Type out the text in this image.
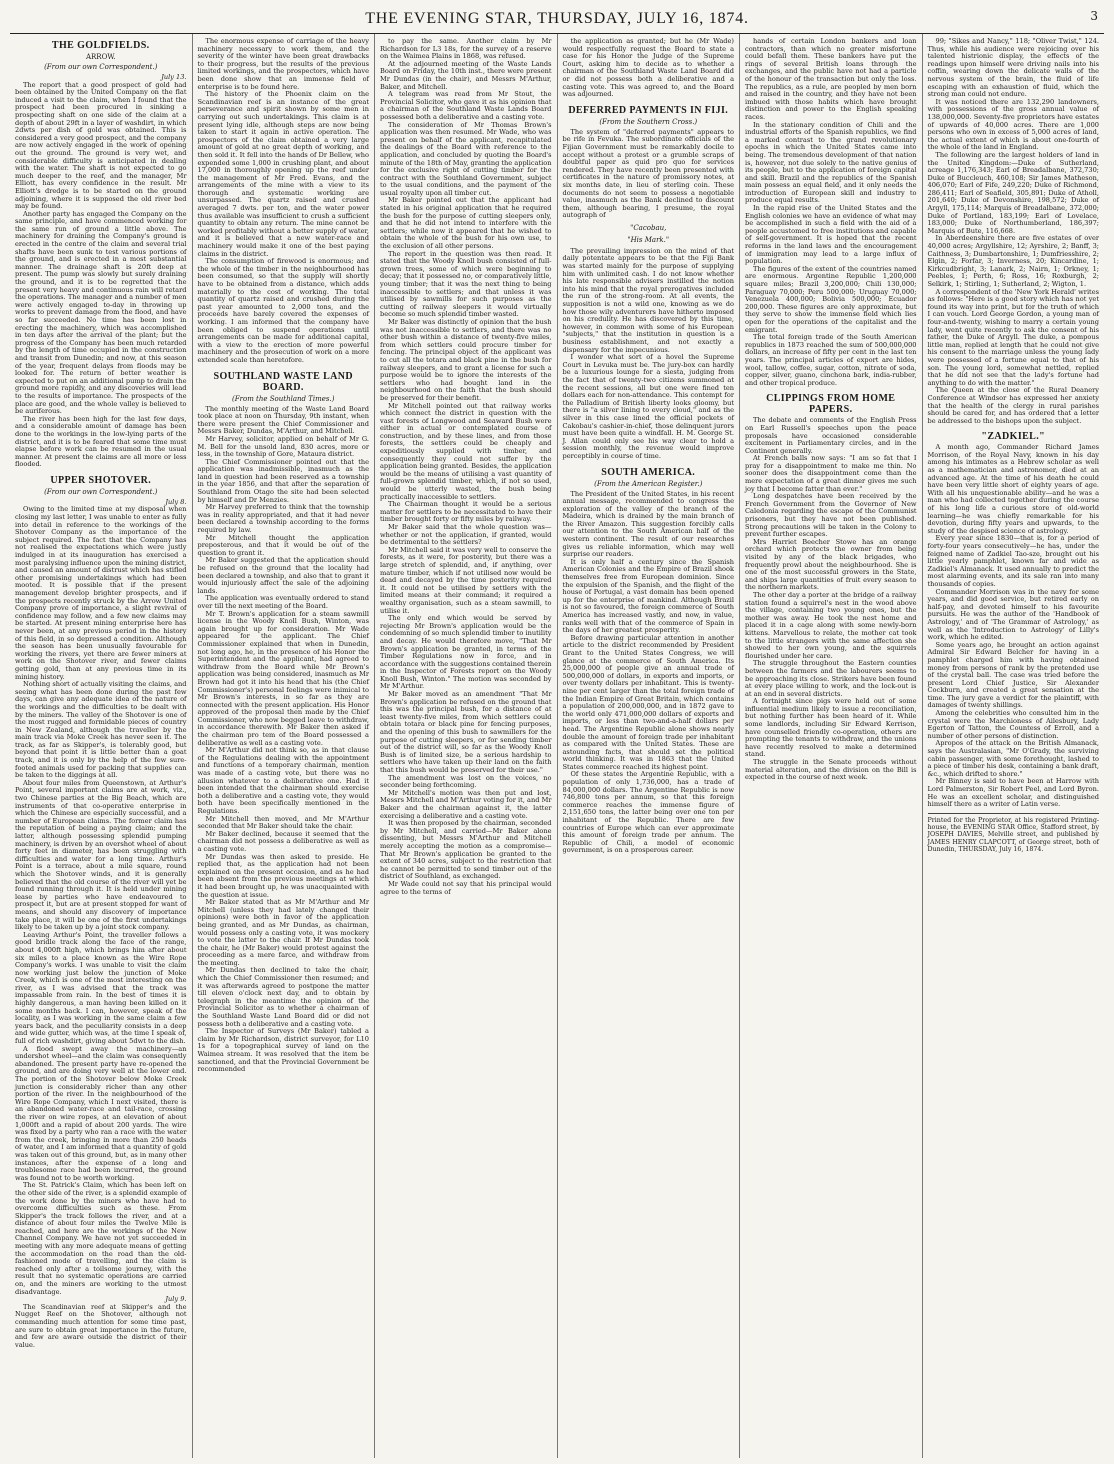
THE EVENING STAR, THURSDAY, JULY 16, 1874.	3
THE GOLDFIELDS.
ARROW.
(From our own Correspondent.)

July 13.

The report that a good prospect of gold had been obtained by the United Company on the flat induced a visit to the claim, when I found that the prospect had been procured in sinking a prospecting shaft on one side of the claim at a depth of about 29ft in a layer of washdirt, in which 2dwts per dish of gold was obtained. This is considered a very good prospect, and the company are now actively engaged in the work of opening out the ground. The ground is very wet, and considerable difficulty is anticipated in dealing with the water. The shaft is not expected to go much deeper to the reef, and the manager, Mr Elliott, has every confidence in the result. Mr Elliott's dredge is to be started on the ground adjoining, where it is supposed the old river bed may be found.

Another party has engaged the Company on the same principle, and have commenced working for the same run of ground a little above. The machinery for draining the Company's ground is erected in the centre of the claim and several trial shafts have been sunk to test various portions of the ground, and is erected in a most substantial manner. The drainage shaft is 20ft deep at present. The pump was slowly but surely draining the ground, and it is to be regretted that the present very heavy and continuous rain will retard the operations. The manager and a number of men were actively engaged to-day in throwing up works to prevent damage from the flood, and have so far succeeded. No time has been lost in erecting the machinery, which was accomplished in ten days after the arrival of the plant; but the progress of the Company has been much retarded by the length of time occupied in the construction and transit from Dunedin; and now, at this season of the year, frequent delays from floods may be looked for. The return of better weather is expected to put on an additional pump to drain the ground more rapidly, and any discoveries will lead to the results of importance. The prospects of the place are good, and the whole valley is believed to be auriferous.

The river has been high for the last few days, and a considerable amount of damage has been done to the workings in the low-lying parts of the district, and it is to be feared that some time must elapse before work can be resumed in the usual manner. At present the claims are all more or less flooded.

UPPER SHOTOVER.
(From our own Correspondent.)

July 8.

Owing to the limited time at my disposal when closing my last letter, I was unable to enter as fully into detail in reference to the workings of the Shotover Company as the importance of the subject required. The fact that the Company has not realised the expectations which were justly indulged in at its inauguration has exercised a most paralysing influence upon the mining district, and caused an amount of distrust which has stifled other promising undertakings which had been mooted. It is possible that if the present management develop brighter prospects, and if the prospects recently struck by the Arrow United Company prove of importance, a slight revival of confidence may follow, and a few new claims may be started. At present mining enterprise here has never been, at any previous period in the history of this field, in so depressed a condition. Although the season has been unusually favourable for working the rivers, yet there are fewer miners at work on the Shotover river, and fewer claims getting gold, than at any previous time in its mining history.

Nothing short of actually visiting the claims, and seeing what has been done during the past few days, can give any adequate idea of the nature of the workings and the difficulties to be dealt with by the miners. The valley of the Shotover is one of the most rugged and formidable pieces of country in New Zealand, although the traveller by the main track via Moke Creek has never seen it. The track, as far as Skipper's, is tolerably good, but beyond that point it is little better than a goat track, and it is only by the help of the few sure-footed animals used for packing that supplies can be taken to the diggings at all.

About four miles from Queenstown, at Arthur's Point, several important claims are at work, viz., two Chinese parties at the Big Beach, which are instruments of that co-operative enterprise in which the Chinese are especially successful, and a number of European claims. The former claim has the reputation of being a paying claim; and the latter, although possessing splendid pumping machinery, is driven by an overshot wheel of about forty feet in diameter, has been struggling with difficulties and water for a long time. Arthur's Point is a terrace, about a mile square, round which the Shotover winds, and it is generally believed that the old course of the river will yet be found running through it. It is held under mining lease by parties who have endeavoured to prospect it, but are at present stopped for want of means, and should any discovery of importance take place, it will be one of the first undertakings likely to be taken up by a joint stock company.

Leaving Arthur's Point, the traveller follows a good bridle track along the face of the range, about 4,000ft high, which brings him after about six miles to a place known as the Wire Rope Company's works. I was unable to visit the claim now working just below the junction of Moke Creek, which is one of the most interesting on the river, as I was advised that the track was impassable from rain. In the best of times it is highly dangerous, a man having been killed on it some months back. I can, however, speak of the locality, as I was working in the same claim a few years back, and the peculiarity consists in a deep and wide gutter, which was, at the time I speak of, full of rich washdirt, giving about 5dwt to the dish.

A flood swept away the machinery—an undershot wheel—and the claim was consequently abandoned. The present party have re-opened the ground, and are doing very well at the lower end. The portion of the Shotover below Moke Creek junction is considerably richer than any other portion of the river. In the neighbourhood of the Wire Rope Company, which I next visited, there is an abandoned water-race and tail-race, crossing the river on wire ropes, at an elevation of about 1,000ft and a rapid of about 200 yards. The wire was fixed by a party who ran a race with the water from the creek, bringing in more than 250 heads of water, and I am informed that a quantity of gold was taken out of this ground, but, as in many other instances, after the expense of a long and troublesome race had been incurred, the ground was found not to be worth working.

The St. Patrick's Claim, which has been left on the other side of the river, is a splendid example of the work done by the miners who have had to overcome difficulties such as these. From Skipper's the track follows the river, and at a distance of about four miles the Twelve Mile is reached, and here are the workings of the New Channel Company. We have not yet succeeded in meeting with any more adequate means of getting the accommodation on the road than the old-fashioned mode of travelling, and the claim is reached only after a toilsome journey, with the result that no systematic operations are carried on, and the miners are working to the utmost disadvantage.

July 9.

The Scandinavian reef at Skipper's and the Nugget Reef on the Shotover, although not commanding much attention for some time past, are sure to obtain great importance in the future, and few are aware outside the district of their value.

The enormous expense of carriage of the heavy machinery necessary to work them, and the severity of the winter have been great drawbacks to their progress, but the results of the previous limited workings, and the prospectors, which have been done show that an immense field of enterprise is to be found here.

The history of the Phoenix claim on the Scandinavian reef is an instance of the great perseverance and spirit shown by some men in carrying out such undertakings. This claim is at present lying idle, although steps are now being taken to start it again in active operation. The prospectors of the claim obtained a very large amount of gold at no great depth of working, and then sold it. It fell into the hands of Dr Bellew, who expended some 1,000 in crushing plant, and about 17,000 in thoroughly opening up the reef under the management of Mr Fred. Evans, and the arrangements of the mine with a view to its thorough and systematic working are unsurpassed. The quartz raised and crushed averaged 7 dwts. per ton, and the water power thus available was insufficient to crush a sufficient quantity to obtain any return. The mine cannot be worked profitably without a better supply of water, and it is believed that a new water-race and machinery would make it one of the best paying claims in the district.

The consumption of firewood is enormous; and the whole of the timber in the neighbourhood has been consumed, so that the supply will shortly have to be obtained from a distance, which adds materially to the cost of working. The total quantity of quartz raised and crushed during the past year amounted to 2,000 tons, and the proceeds have barely covered the expenses of working. I am informed that the company have been obliged to suspend operations until arrangements can be made for additional capital, with a view to the erection of more powerful machinery and the prosecution of work on a more extended scale than heretofore.

SOUTHLAND WASTE LAND BOARD.
(From the Southland Times.)

The monthly meeting of the Waste Land Board took place at noon on Thursday, 9th instant, when there were present the Chief Commissioner and Messrs Baker, Dundas, M'Arthur, and Mitchell.

Mr Harvey, solicitor, applied on behalf of Mr G. M. Bell for the unsold land, 830 acres, more or less, in the township of Gore, Mataura district.

The Chief Commissioner pointed out that the application was inadmissible, inasmuch as the land in question had been reserved as a township in the year 1856, and that after the separation of Southland from Otago the site had been selected by himself and Dr Menzies.

Mr Harvey preferred to think that the township was in reality appropriated, and that it had never been declared a township according to the forms required by law.

Mr Mitchell thought the application preposterous, and that it would be out of the question to grant it.

Mr Baker suggested that the application should be refused on the ground that the locality had been declared a township, and also that to grant it would injuriously affect the sale of the adjoining lands.

The application was eventually ordered to stand over till the next meeting of the Board.

Mr T. Brown's application for a steam sawmill license in the Woody Knoll Bush, Winton, was again brought up for consideration. Mr Wade appeared for the applicant. The Chief Commissioner explained that when in Dunedin, not long ago, he, in the presence of his Honor the Superintendent and the applicant, had agreed to withdraw from the Board while Mr Brown's application was being considered, inasmuch as Mr Brown had got it into his head that his (the Chief Commissioner's) personal feelings were inimical to Mr Brown's interests, in so far as they are connected with the present application. His Honor approved of the proposal then made by the Chief Commissioner, who now begged leave to withdraw, in accordance therewith. Mr Baker then asked if the chairman pro tem of the Board possessed a deliberative as well as a casting vote.

Mr M'Arthur did not think so, as in that clause of the Regulations dealing with the appointment and functions of a temporary chairman, mention was made of a casting vote, but there was no allusion whatever to a deliberative one. Had it been intended that the chairman should exercise both a deliberative and a casting vote, they would both have been specifically mentioned in the Regulations.

Mr Mitchell then moved, and Mr M'Arthur seconded that Mr Baker should take the chair.

Mr Baker declined, because it seemed that the chairman did not possess a deliberative as well as a casting vote.

Mr Dundas was then asked to preside. He replied that, as the application had not been explained on the present occasion, and as he had been absent from the previous meetings at which it had been brought up, he was unacquainted with the question at issue.

Mr Baker stated that as Mr M'Arthur and Mr Mitchell (unless they had lately changed their opinions) were both in favor of the application being granted, and as Mr Dundas, as chairman, would possess only a casting vote, it was mockery to vote the latter to the chair. If Mr Dundas took the chair, he (Mr Baker) would protest against the proceeding as a mere farce, and withdraw from the meeting.

Mr Dundas then declined to take the chair, which the Chief Commissioner then resumed; and it was afterwards agreed to postpone the matter till eleven o'clock next day, and to obtain by telegraph in the meantime the opinion of the Provincial Solicitor as to whether a chairman of the Southland Waste Land Board did or did not possess both a deliberative and a casting vote.

The Inspector of Surveys (Mr Baker) tabled a claim by Mr Richardson, district surveyor, for L10 1s for a topographical survey of land on the Waimea stream. It was resolved that the item be sanctioned, and that the Provincial Government be recommended

to pay the same. Another claim by Mr Richardson for L3 18s, for the survey of a reserve on the Waimea Plains in 1868, was refused.

At the adjourned meeting of the Waste Lands Board on Friday, the 10th inst., there were present Mr Dundas (in the chair), and Messrs M'Arthur, Baker, and Mitchell.

A telegram was read from Mr Stout, the Provincial Solicitor, who gave it as his opinion that a chairman of the Southland Waste Lands Board possessed both a deliberative and a casting vote.

The consideration of Mr Thomas Brown's application was then resumed. Mr Wade, who was present on behalf of the applicant, recapitulated the dealings of the Board with reference to the application, and concluded by quoting the Board's minute of the 18th of May, granting the application for the exclusive right of cutting timber for the contract with the Southland Government, subject to the usual conditions, and the payment of the usual royalty upon all timber cut.

Mr Baker pointed out that the applicant had stated in his original application that he required the bush for the purpose of cutting sleepers only, and that he did not intend to interfere with the settlers; while now it appeared that he wished to obtain the whole of the bush for his own use, to the exclusion of all other persons.

The report in the question was then read. It stated that the Woody Knoll bush consisted of full-grown trees, some of which were beginning to decay; that it possessed no, or comparatively little, young timber; that it was the next thing to being inaccessible to settlers; and that unless it was utilised by sawmills for such purposes as the cutting of railway sleepers it would virtually become so much splendid timber wasted.

Mr Baker was distinctly of opinion that the bush was not inaccessible to settlers, and there was no other bush within a distance of twenty-five miles, from which settlers could procure timber for fencing. The principal object of the applicant was to cut all the totara and black pine in the bush for railway sleepers, and to grant a license for such a purpose would be to ignore the interests of the settlers who had bought land in the neighbourhood on the faith that the bush should be preserved for their benefit.

Mr Mitchell pointed out that railway works which connect the district in question with the vast forests of Longwood and Seaward Bush were either in actual or contemplated course of construction, and by these lines, and from those forests, the settlers could be cheaply and expeditiously supplied with timber, and consequently they could not suffer by the application being granted. Besides, the application would be the means of utilising a vast quantity of full-grown splendid timber, which, if not so used, would be utterly wasted, the bush being practically inaccessible to settlers.

The Chairman thought it would be a serious matter for settlers to be necessitated to have their timber brought forty or fifty miles by railway.

Mr Baker said that the whole question was—whether or not the application, if granted, would be detrimental to the settlers?

Mr Mitchell said it was very well to conserve the forests, as it were, for posterity, but there was a large stretch of splendid, and, if anything, over mature timber, which if not utilised now would be dead and decayed by the time posterity required it. It could not be utilised by settlers with the limited means at their command; it required a wealthy organisation, such as a steam sawmill, to utilise it.

The only end which would be served by rejecting Mr Brown's application would be the condemning of so much splendid timber to inutility and decay. He would therefore move, "That Mr Brown's application be granted, in terms of the Timber Regulations now in force, and in accordance with the suggestions contained therein in the Inspector of Forests report on the Woody Knoll Bush, Winton." The motion was seconded by Mr M'Arthur.

Mr Baker moved as an amendment "That Mr Brown's application be refused on the ground that this was the principal bush, for a distance of at least twenty-five miles, from which settlers could obtain totara or black pine for fencing purposes, and the opening of this bush to sawmillers for the purpose of cutting sleepers, or for sending timber out of the district will, so far as the Woody Knoll Bush is of limited size, be a serious hardship to settlers who have taken up their land on the faith that this bush would be preserved for their use."

The amendment was lost on the voices, no seconder being forthcoming.

Mr Mitchell's motion was then put and lost, Messrs Mitchell and M'Arthur voting for it, and Mr Baker and the chairman against it, the latter exercising a deliberative and a casting vote.

It was then proposed by the chairman, seconded by Mr Mitchell, and carried—Mr Baker alone dissenting, but Messrs M'Arthur and Mitchell merely accepting the motion as a compromise—That Mr Brown's application be granted to the extent of 340 acres, subject to the restriction that he cannot be permitted to send timber out of the district of Southland, as exchanged.

Mr Wade could not say that his principal would agree to the terms of

the application as granted; but he (Mr Wade) would respectfully request the Board to state a case for his Honor the Judge of the Supreme Court, asking him to decide as to whether a chairman of the Southland Waste Land Board did or did not possess both a deliberative and a casting vote. This was agreed to, and the Board was adjourned.

DEFERRED PAYMENTS IN FIJI.
(From the Southern Cross.)

The system of "deferred payments" appears to be rife in Fevuka. The subordinate officials of the Fijian Government must be remarkably docile to accept without a protest or a grumble scraps of doubtful paper as quid pro quo for services rendered. They have recently been presented with certificates in the nature of promissory notes, at six months date, in lieu of sterling coin. These documents do not seem to possess a negotiable value, inasmuch as the Bank declined to discount them, although bearing, I presume, the royal autograph of

"Cacobau,
"His Mark."

The prevailing impression on the mind of that daily potentate appears to be that the Fiji Bank was started mainly for the purpose of supplying him with unlimited cash. I do not know whether his late responsible advisers instilled the notion into his mind that the royal prerogatives included the run of the strong-room. At all events, the supposition is not a wild one, knowing as we do how those wily adventurers have hitherto imposed on his credulity. He has discovered by this time, however, in common with some of his European "subjects," that the institution in question is a business establishment, and not exactly a dispensary for the impecunious.

I wonder what sort of a hovel the Supreme Court in Levuka must be. The jury-box can hardly be a luxurious lounge for a siesta, judging from the fact that of twenty-two citizens summoned at the recent sessions, all but one were fined ten dollars each for non-attendance. This contempt for the Palladium of British liberty looks gloomy, but there is "a silver lining to every cloud," and as the silver in this case lined the official pockets of Cakobau's cashier-in-chief, those delinquent jurors must have been quite a windfall. H. M. George St. J. Allan could only see his way clear to hold a session monthly, the revenue would improve perceptibly in course of time.

SOUTH AMERICA.
(From the American Register.)

The President of the United States, in his recent annual message, recommended to congress the exploration of the valley of the branch of the Madeira, which is drained by the main branch of the River Amazon. This suggestion forcibly calls our attention to the South American half of the western continent. The result of our researches gives us reliable information, which may well surprise our readers.

It is only half a century since the Spanish American Colonies and the Empire of Brazil shook themselves free from European dominion. Since the expulsion of the Spanish, and the flight of the house of Portugal, a vast domain has been opened up for the enterprise of mankind. Although Brazil is not so favoured, the foreign commerce of South America has increased vastly, and now, in value, ranks well with that of the commerce of Spain in the days of her greatest prosperity.

Before drawing particular attention in another article to the district recommended by President Grant to the United States Congress, we will glance at the commerce of South America. Its 25,000,000 of people give an annual trade of 500,000,000 of dollars, in exports and imports, or over twenty dollars per inhabitant. This is twenty-nine per cent larger than the total foreign trade of the Indian Empire of Great Britain, which contains a population of 200,000,000, and in 1872 gave to the world only 471,000,000 dollars of exports and imports, or less than two-and-a-half dollars per head. The Argentine Republic alone shows nearly double the amount of foreign trade per inhabitant as compared with the United States. These are astounding facts, that should set the political world thinking. It was in 1863 that the United States commerce reached its highest point.

Of these states the Argentine Republic, with a population of only 1,736,000, has a trade of 84,000,000 dollars. The Argentine Republic is now 746,800 tons per annum, so that this foreign commerce reaches the immense figure of 2,151,650 tons, the latter being over one ton per inhabitant of the Republic. There are few countries of Europe which can ever approximate this amount of foreign trade per annum. The Republic of Chili, a model of economic government, is on a prosperous career.

hands of certain London bankers and loan contractors, than which no greater misfortune could befall them. These bankers have put the rings of several British loans through the exchanges, and the public have not had a particle of the honour of the transaction but only the loss. The republics, as a rule, are peopled by men born and raised in the country, and they have not been imbued with those habits which have brought distinction and power to the English speaking races.

In the stationary condition of Chili and the industrial efforts of the Spanish republics, we find a marked contrast to the grand revolutionary epochs in which the United States came into being. The tremendous development of that nation is, however, not due solely to the native genius of its people, but to the application of foreign capital and skill. Brazil and the republics of the Spanish main possess an equal field, and it only needs the introduction of European skill and industry to produce equal results.

In the rapid rise of the United States and the English colonies we have an evidence of what may be accomplished in such a field with the aid of a people accustomed to free institutions and capable of self-government. It is hoped that the recent reforms in the land laws and the encouragement of immigration may lead to a large influx of population.

The figures of the extent of the countries named are enormous. Argentine Republic 1,200,000 square miles; Brazil 3,200,000; Chili 130,000; Paraguay 70,000; Peru 500,000; Uruguay 70,000; Venezuela 400,000; Bolivia 500,000; Ecuador 200,000. These figures are only approximate, but they serve to show the immense field which lies open for the operations of the capitalist and the emigrant.

The total foreign trade of the South American republics in 1873 reached the sum of 500,000,000 dollars, an increase of fifty per cent in the last ten years. The principal articles of export are hides, wool, tallow, coffee, sugar, cotton, nitrate of soda, copper, silver, guano, cinchona bark, india-rubber, and other tropical produce.

CLIPPINGS FROM HOME PAPERS.

The debate and comments of the English Press on Earl Russell's speeches upon the peace proposals have occasioned considerable excitement in Parliamentary circles, and in the Continent generally.

At French balls now says: "I am so fat that I pray for a disappointment to make me thin. No sooner does the disappointment come than the mere expectation of a great dinner gives me such joy that I become fatter than ever."

Long despatches have been received by the French Government from the Governor of New Caledonia regarding the escape of the Communist prisoners, but they have not been published. Strong precautions will be taken in the Colony to prevent further escapes.

Mrs Harriet Beecher Stowe has an orange orchard which protects the owner from being visited by any of the black brigades, who frequently prowl about the neighbourhood. She is one of the most successful growers in the State, and ships large quantities of fruit every season to the northern markets.

The other day a porter at the bridge of a railway station found a squirrel's nest in the wood above the village, containing two young ones, but the mother was away. He took the nest home and placed it in a cage along with some newly-born kittens. Marvellous to relate, the mother cat took to the little strangers with the same affection she showed to her own young, and the squirrels flourished under her care.

The struggle throughout the Eastern counties between the farmers and the labourers seems to be approaching its close. Strikers have been found at every place willing to work, and the lock-out is at an end in several districts.

A fortnight since pigs were held out of some influential medium likely to issue a reconciliation, but nothing further has been heard of it. While some landlords, including Sir Edward Kerrison, have counselled friendly co-operation, others are prompting the tenants to withdraw, and the unions have recently resolved to make a determined stand.

The struggle in the Senate proceeds without material alteration, and the division on the Bill is expected in the course of next week.

99; "Sikes and Nancy," 118; "Oliver Twist," 124. Thus, while his audience were rejoicing over his talented histrionic display, the effects of the readings upon himself were driving nails into his coffin, wearing down the delicate walls of the nervous system of the brain, the fluid of life escaping with an exhaustion of fluid, which the strong man could not endure.

It was noticed there are 132,290 landowners, with possessions of the gross annual value of 138,000,000. Seventy-five proprietors have estates of upwards of 40,000 acres. There are 1,000 persons who own in excess of 5,000 acres of land, the actual extent of which is about one-fourth of the whole of the land in England.

The following are the largest holders of land in the United Kingdom:—Duke of Sutherland, acreage 1,176,343; Earl of Breadalbane, 372,730; Duke of Buccleuch, 460,108; Sir James Matheson, 406,070; Earl of Fife, 249,220; Duke of Richmond, 286,411; Earl of Seafield, 305,891; Duke of Atholl, 201,640; Duke of Devonshire, 198,572; Duke of Argyll, 175,114; Marquis of Breadalbane, 372,000; Duke of Portland, 183,199; Earl of Lovelace, 183,000; Duke of Northumberland, 186,397; Marquis of Bute, 116,668.

In Aberdeenshire there are five estates of over 40,000 acres; Argyllshire, 12; Ayrshire, 2; Banff, 3; Caithness, 3; Dumbartonshire, 1; Dumfriesshire, 2; Elgin, 2; Forfar, 3; Inverness, 20; Kincardine, 1; Kirkcudbright, 3; Lanark, 2; Nairn, 1; Orkney, 1; Peebles, 1; Perth, 6; Ross, 16; Roxburgh, 2; Selkirk, 1; Stirling, 1; Sutherland, 2; Wigton, 1.

A correspondent of the 'New York Herald' writes as follows: "Here is a good story which has not yet found its way into print, but for the truth of which I can vouch. Lord George Gordon, a young man of four-and-twenty, wishing to marry a certain young lady, went quite recently to ask the consent of his father, the Duke of Argyll. The duke, a pompous little man, replied at length that he could not give his consent to the marriage unless the young lady were possessed of a fortune equal to that of his son. The young lord, somewhat nettled, replied that he did not see that the lady's fortune had anything to do with the matter."

The Queen at the close of the Rural Deanery Conference at Windsor has expressed her anxiety that the health of the clergy in rural parishes should be cared for, and has ordered that a letter be addressed to the bishops upon the subject.

"ZADKIEL."

A month ago, Commander Richard James Morrison, of the Royal Navy, known in his day among his intimates as a Hebrew scholar as well as a mathematician and astronomer, died at an advanced age. At the time of his death he could have been very little short of eighty years of age. With all his unquestionable ability—and he was a man who had collected together during the course of his long life a curious store of old-world learning—he was chiefly remarkable for his devotion, during fifty years and upwards, to the study of the despised science of astrology.

Every year since 1830—that is, for a period of forty-four years consecutively—he has, under the feigned name of Zadkiel Tao-sze, brought out his little yearly pamphlet, known far and wide as Zadkiel's Almanack. It used annually to predict the most alarming events, and its sale ran into many thousands of copies.

Commander Morrison was in the navy for some years, and did good service, but retired early on half-pay, and devoted himself to his favourite pursuits. He was the author of the 'Handbook of Astrology,' and of 'The Grammar of Astrology,' as well as the 'Introduction to Astrology' of Lilly's work, which he edited.

Some years ago, he brought an action against Admiral Sir Edward Belcher for having in a pamphlet charged him with having obtained money from persons of rank by the pretended use of the crystal ball. The case was tried before the present Lord Chief Justice, Sir Alexander Cockburn, and created a great sensation at the time. The jury gave a verdict for the plaintiff, with damages of twenty shillings.

Among the celebrities who consulted him in the crystal were the Marchioness of Ailesbury, Lady Egerton of Tatton, the Countess of Erroll, and a number of other persons of distinction.

Apropos of the attack on the British Almanack, says the Australasian, "Mr O'Grady, the surviving cabin passenger, with some forethought, lashed to a piece of timber his desk, containing a bank draft, &c., which drifted to shore."

Mr Binney is said to have been at Harrow with Lord Palmerston, Sir Robert Peel, and Lord Byron. He was an excellent scholar, and distinguished himself there as a writer of Latin verse.

Printed for the Proprietor, at his registered Printing-house, the EVENING STAR Office, Stafford street, by JOSEPH DAVIES, Melville street, and published by JAMES HENRY CLAPCOTT, of George street, both of Dunedin, THURSDAY, July 16, 1874.
